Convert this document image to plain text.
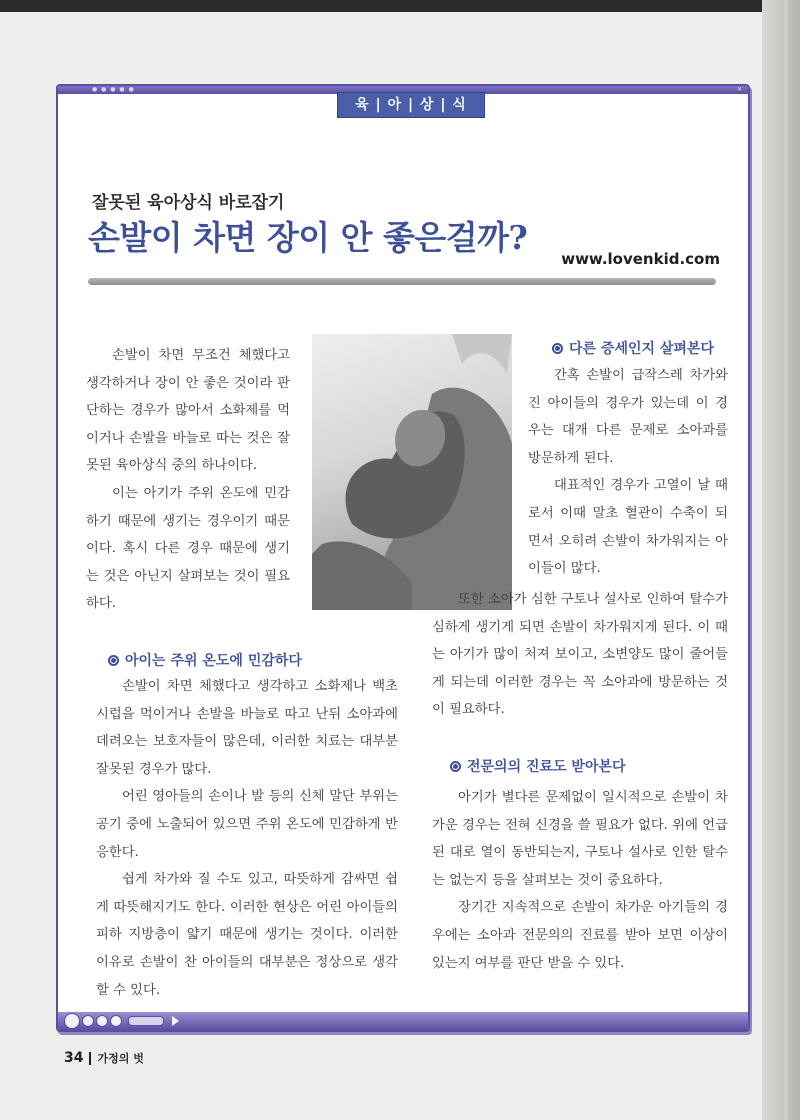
● ● ● ● ●	✕
육 | 아 | 상 | 식
잘못된 육아상식 바로잡기
손발이 차면 장이 안 좋은걸까?
www.lovenkid.com

손발이 차면 무조건 체했다고 생각하거나 장이 안 좋은 것이라 판단하는 경우가 많아서 소화제를 먹이거나 손발을 바늘로 따는 것은 잘못된 육아상식 중의 하나이다.

이는 아기가 주위 온도에 민감하기 때문에 생기는 경우이기 때문이다. 혹시 다른 경우 때문에 생기는 것은 아닌지 살펴보는 것이 필요하다.

아이는 주위 온도에 민감하다

손발이 차면 체했다고 생각하고 소화제나 백초시럽을 먹이거나 손발을 바늘로 따고 난뒤 소아과에 데려오는 보호자들이 많은데, 이러한 치료는 대부분 잘못된 경우가 많다.

어린 영아들의 손이나 발 등의 신체 말단 부위는 공기 중에 노출되어 있으면 주위 온도에 민감하게 반응한다.

쉽게 차가와 질 수도 있고, 따뜻하게 감싸면 쉽게 따뜻해지기도 한다. 이러한 현상은 어린 아이들의 피하 지방층이 얇기 때문에 생기는 것이다. 이러한 이유로 손발이 찬 아이들의 대부분은 정상으로 생각할 수 있다.

다른 증세인지 살펴본다

간혹 손발이 급작스레 차가와진 아이들의 경우가 있는데 이 경우는 대개 다른 문제로 소아과를 방문하게 된다.

대표적인 경우가 고열이 날 때로서 이때 말초 혈관이 수축이 되면서 오히려 손발이 차가워지는 아이들이 많다.

또한 소아가 심한 구토나 설사로 인하여 탈수가 심하게 생기게 되면 손발이 차가워지게 된다. 이 때는 아기가 많이 처져 보이고, 소변양도 많이 줄어들게 되는데 이러한 경우는 꼭 소아과에 방문하는 것이 필요하다.

전문의의 진료도 받아본다

아기가 별다른 문제없이 일시적으로 손발이 차가운 경우는 전혀 신경을 쓸 필요가 없다. 위에 언급된 대로 열이 동반되는지, 구토나 설사로 인한 탈수는 없는지 등을 살펴보는 것이 중요하다.

장기간 지속적으로 손발이 차가운 아기들의 경우에는 소아과 전문의의 진료를 받아 보면 이상이 있는지 여부를 판단 받을 수 있다.

34 가정의 벗
